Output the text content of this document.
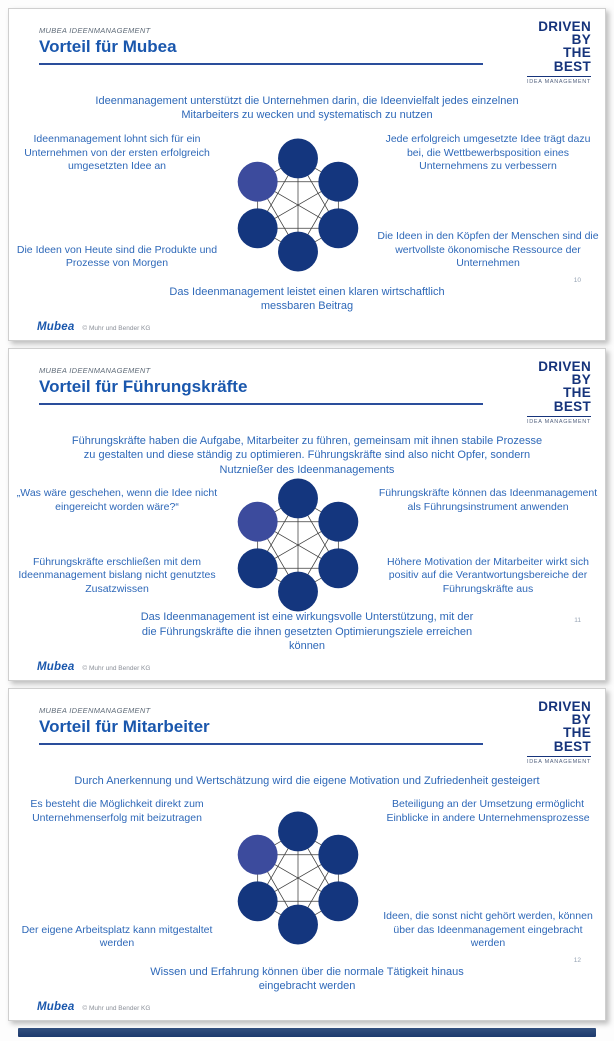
MUBEA IDEENMANAGEMENT
Vorteil für Mubea
DRIVEN
BY
THE
BEST
IDEA MANAGEMENT

Ideenmanagement unterstützt die Unternehmen darin, die Ideenvielfalt jedes einzelnen Mitarbeiters zu wecken und systematisch zu nutzen

Ideenmanagement lohnt sich für ein Unternehmen von der ersten erfolgreich umgesetzten Idee an

Die Ideen von Heute sind die Produkte und Prozesse von Morgen

Jede erfolgreich umgesetzte Idee trägt dazu bei, die Wettbewerbsposition eines Unternehmens zu verbessern

Die Ideen in den Köpfen der Menschen sind die wertvollste ökonomische Ressource der Unternehmen

Das Ideenmanagement leistet einen klaren wirtschaftlich messbaren Beitrag

10
Mubea © Muhr und Bender KG
MUBEA IDEENMANAGEMENT
Vorteil für Führungskräfte
DRIVEN
BY
THE
BEST
IDEA MANAGEMENT

Führungskräfte haben die Aufgabe, Mitarbeiter zu führen, gemeinsam mit ihnen stabile Prozesse zu gestalten und diese ständig zu optimieren. Führungskräfte sind also nicht Opfer, sondern Nutznießer des Ideenmanagements

„Was wäre geschehen, wenn die Idee nicht eingereicht worden wäre?“

Führungskräfte erschließen mit dem Ideenmanagement bislang nicht genutztes Zusatzwissen

Führungskräfte können das Ideenmanagement als Führungsinstrument anwenden

Höhere Motivation der Mitarbeiter wirkt sich positiv auf die Verantwortungsbereiche der Führungskräfte aus

Das Ideenmanagement ist eine wirkungsvolle Unterstützung, mit der die Führungskräfte die ihnen gesetzten Optimierungsziele erreichen können

11
Mubea © Muhr und Bender KG
MUBEA IDEENMANAGEMENT
Vorteil für Mitarbeiter
DRIVEN
BY
THE
BEST
IDEA MANAGEMENT

Durch Anerkennung und Wertschätzung wird die eigene Motivation und Zufriedenheit gesteigert

Es besteht die Möglichkeit direkt zum Unternehmenserfolg mit beizutragen

Der eigene Arbeitsplatz kann mitgestaltet werden

Beteiligung an der Umsetzung ermöglicht Einblicke in andere Unternehmensprozesse

Ideen, die sonst nicht gehört werden, können über das Ideenmanagement eingebracht werden

Wissen und Erfahrung können über die normale Tätigkeit hinaus eingebracht werden

12
Mubea © Muhr und Bender KG
